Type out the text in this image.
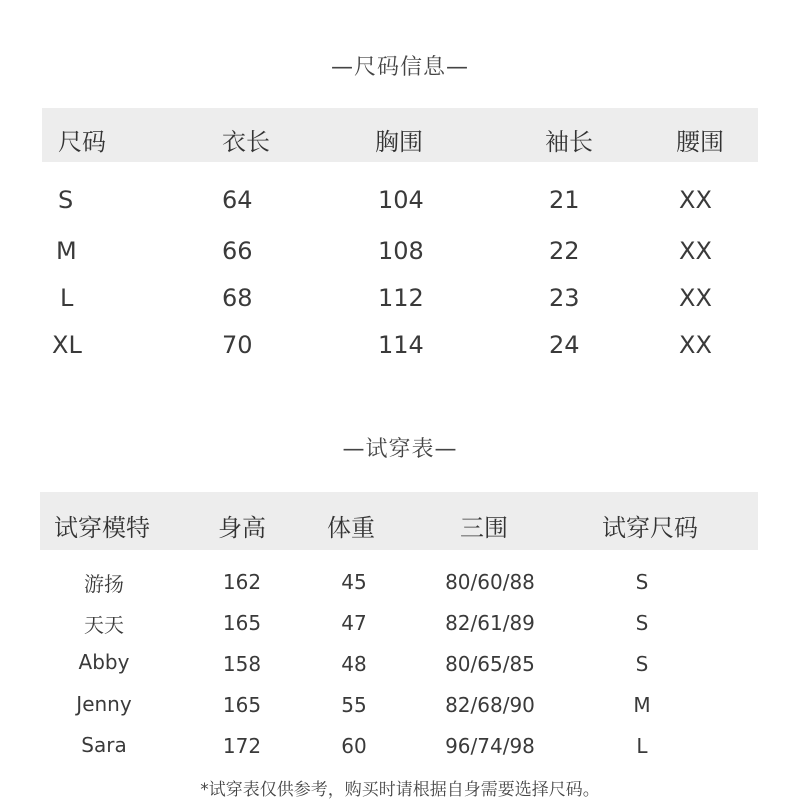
—尺码信息—
尺码	衣长	胸围	袖长	腰围
S	64	104	21	XX
M	66	108	22	XX
L	68	112	23	XX
XL	70	114	24	XX
—试穿表—
试穿模特	身高	体重	三围	试穿尺码
游扬	162	45	80/60/88	S
天天	165	47	82/61/89	S
Abby	158	48	80/65/85	S
Jenny	165	55	82/68/90	M
Sara	172	60	96/74/98	L
*试穿表仅供参考，购买时请根据自身需要选择尺码。
